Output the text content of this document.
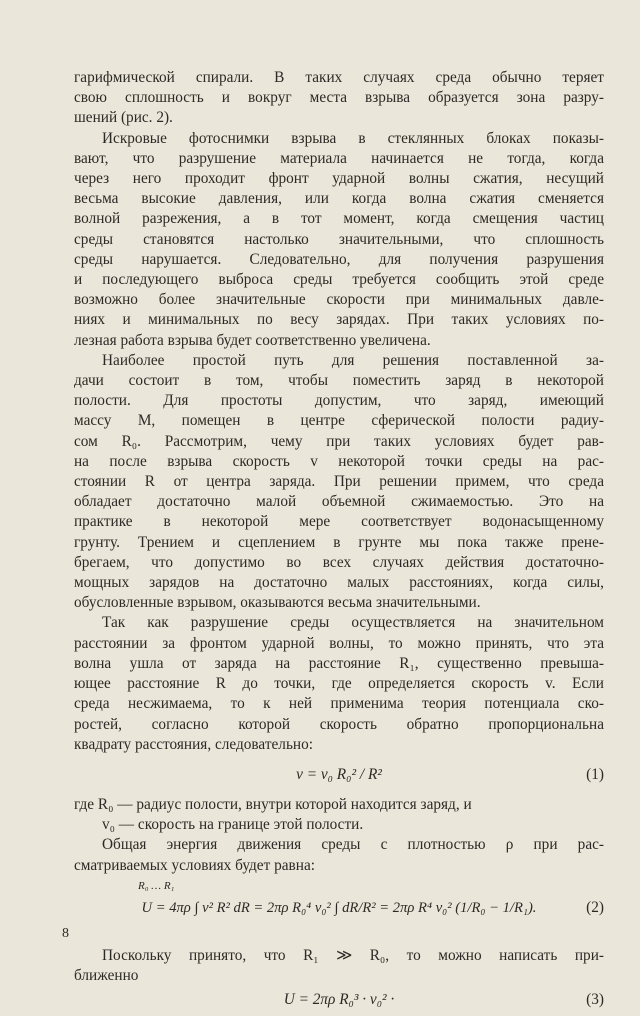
гарифмической спирали. В таких случаях среда обычно теряет
свою сплошность и вокруг места взрыва образуется зона разру-
шений (рис. 2).
Искровые фотоснимки взрыва в стеклянных блоках показы-
вают, что разрушение материала начинается не тогда, когда
через него проходит фронт ударной волны сжатия, несущий
весьма высокие давления, или когда волна сжатия сменяется
волной разрежения, а в тот момент, когда смещения частиц
среды становятся настолько значительными, что сплошность
среды нарушается. Следовательно, для получения разрушения
и последующего выброса среды требуется сообщить этой среде
возможно более значительные скорости при минимальных давле-
ниях и минимальных по весу зарядах. При таких условиях по-
лезная работа взрыва будет соответственно увеличена.
Наиболее простой путь для решения поставленной за-
дачи состоит в том, чтобы поместить заряд в некоторой
полости. Для простоты допустим, что заряд, имеющий
массу M, помещен в центре сферической полости радиу-
сом R₀. Рассмотрим, чему при таких условиях будет рав-
на после взрыва скорость v некоторой точки среды на рас-
стоянии R от центра заряда. При решении примем, что среда
обладает достаточно малой объемной сжимаемостью. Это на
практике в некоторой мере соответствует водонасыщенному
грунту. Трением и сцеплением в грунте мы пока также прене-
брегаем, что допустимо во всех случаях действия достаточно-
мощных зарядов на достаточно малых расстояниях, когда силы,
обусловленные взрывом, оказываются весьма значительными.
Так как разрушение среды осуществляется на значительном
расстоянии за фронтом ударной волны, то можно принять, что эта
волна ушла от заряда на расстояние R₁, существенно превыша-
ющее расстояние R до точки, где определяется скорость v. Если
среда несжимаема, то к ней применима теория потенциала ско-
ростей, согласно которой скорость обратно пропорциональна
квадрату расстояния, следовательно:
v = v₀ R₀² / R²	(1)
где R₀ — радиус полости, внутри которой находится заряд, и
v₀ — скорость на границе этой полости.
Общая энергия движения среды с плотностью ρ при рас-
сматриваемых условиях будет равна:
R₀ … R₁
U = 4πρ ∫ v² R² dR = 2πρ R₀⁴ v₀² ∫ dR/R² = 2πρ R⁴ v₀² (1/R₀ − 1/R₁).	(2)
Поскольку принято, что R₁ ≫ R₀, то можно написать при-
ближенно
U = 2πρ R₀³ · v₀² ·	(3)
8
